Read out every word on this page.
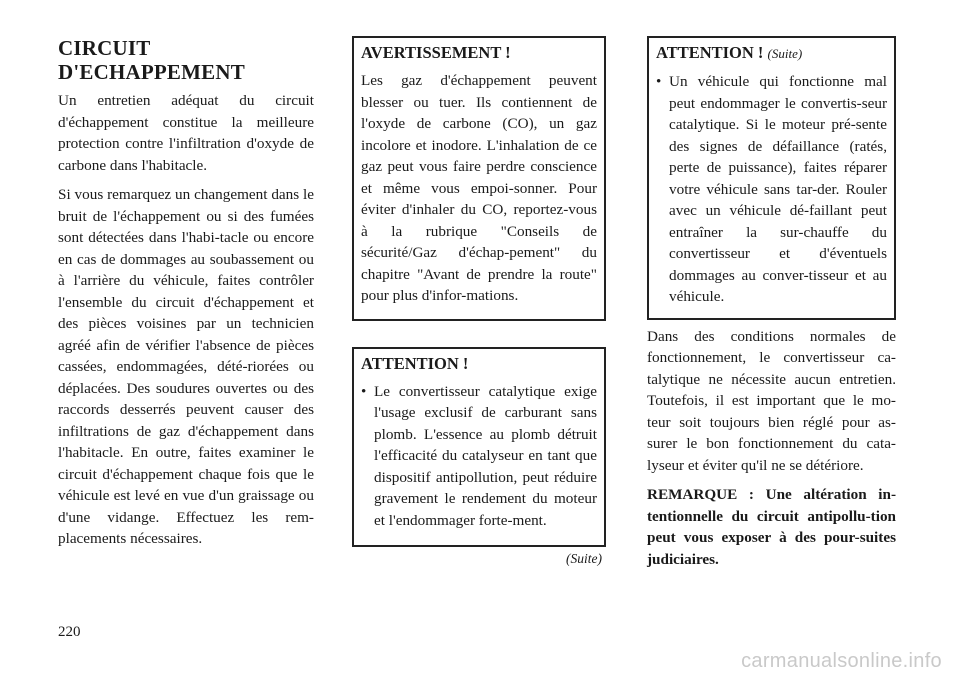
CIRCUIT D'ECHAPPEMENT

Un entretien adéquat du circuit d'échappement constitue la meilleure protection contre l'infiltration d'oxyde de carbone dans l'habitacle.

Si vous remarquez un changement dans le bruit de l'échappement ou si des fumées sont détectées dans l'habi-tacle ou encore en cas de dommages au soubassement ou à l'arrière du véhicule, faites contrôler l'ensemble du circuit d'échappement et des pièces voisines par un technicien agréé afin de vérifier l'absence de pièces cassées, endommagées, dété-riorées ou déplacées. Des soudures ouvertes ou des raccords desserrés peuvent causer des infiltrations de gaz d'échappement dans l'habitacle. En outre, faites examiner le circuit d'échappement chaque fois que le véhicule est levé en vue d'un graissage ou d'une vidange. Effectuez les rem-placements nécessaires.

AVERTISSEMENT !

Les gaz d'échappement peuvent blesser ou tuer. Ils contiennent de l'oxyde de carbone (CO), un gaz incolore et inodore. L'inhalation de ce gaz peut vous faire perdre conscience et même vous empoi-sonner. Pour éviter d'inhaler du CO, reportez-vous à la rubrique "Conseils de sécurité/Gaz d'échap-pement" du chapitre "Avant de prendre la route" pour plus d'infor-mations.

ATTENTION !
• Le convertisseur catalytique exige l'usage exclusif de carburant sans plomb. L'essence au plomb détruit l'efficacité du catalyseur en tant que dispositif antipollution, peut réduire gravement le rendement du moteur et l'endommager forte-ment.
(Suite)
ATTENTION ! (Suite)
• Un véhicule qui fonctionne mal peut endommager le convertis-seur catalytique. Si le moteur pré-sente des signes de défaillance (ratés, perte de puissance), faites réparer votre véhicule sans tar-der. Rouler avec un véhicule dé-faillant peut entraîner la sur-chauffe du convertisseur et d'éventuels dommages au conver-tisseur et au véhicule.

Dans des conditions normales de fonctionnement, le convertisseur ca-talytique ne nécessite aucun entretien. Toutefois, il est important que le mo-teur soit toujours bien réglé pour as-surer le bon fonctionnement du cata-lyseur et éviter qu'il ne se détériore.

REMARQUE : Une altération in-tentionnelle du circuit antipollu-tion peut vous exposer à des pour-suites judiciaires.
220
carmanualsonline.info
